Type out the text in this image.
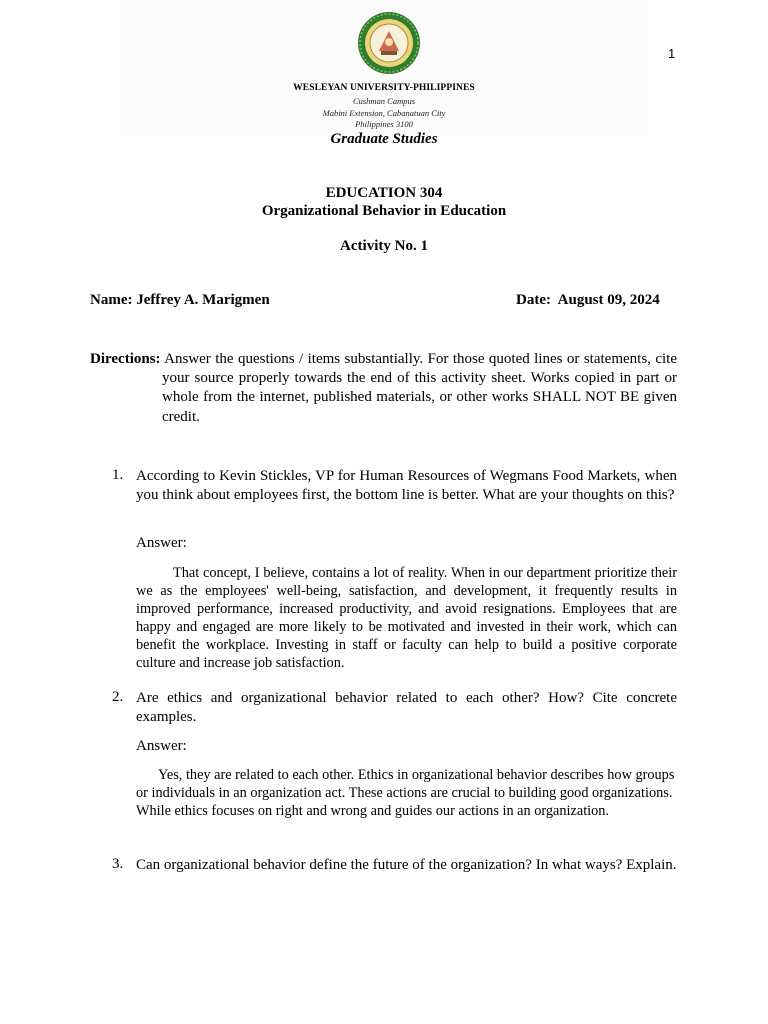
1
WESLEYAN UNIVERSITY-PHILIPPINES
Cushman Campus
Mabini Extension, Cabanatuan City
Philippines 3100
Graduate Studies
EDUCATION 304
Organizational Behavior in Education
Activity No. 1
Name: Jeffrey A. Marigmen	Date:  August 09, 2024
Directions: Answer the questions / items substantially. For those quoted lines or statements, cite your source properly towards the end of this activity sheet. Works copied in part or whole from the internet, published materials, or other works SHALL NOT BE given credit.
1. According to Kevin Stickles, VP for Human Resources of Wegmans Food Markets, when you think about employees first, the bottom line is better. What are your thoughts on this?
Answer:
That concept, I believe, contains a lot of reality. When in our department prioritize their we as the employees' well-being, satisfaction, and development, it frequently results in improved performance, increased productivity, and avoid resignations. Employees that are happy and engaged are more likely to be motivated and invested in their work, which can benefit the workplace. Investing in staff or faculty can help to build a positive corporate culture and increase job satisfaction.
2. Are ethics and organizational behavior related to each other? How? Cite concrete examples.
Answer:
Yes, they are related to each other. Ethics in organizational behavior describes how groups or individuals in an organization act. These actions are crucial to building good organizations. While ethics focuses on right and wrong and guides our actions in an organization.
3. Can organizational behavior define the future of the organization? In what ways? Explain.
